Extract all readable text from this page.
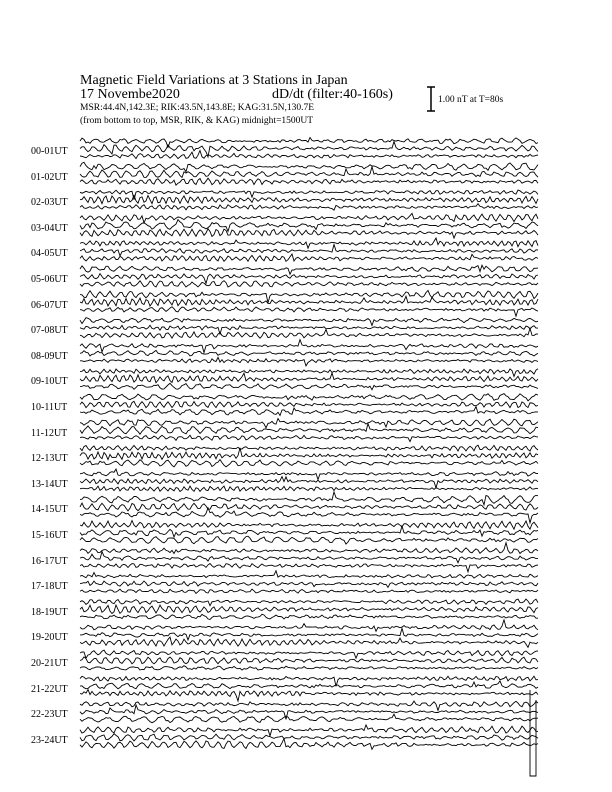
Magnetic Field Variations at 3 Stations in Japan
17 Novembe2020	dD/dt (filter:40-160s)
MSR:44.4N,142.3E; RIK:43.5N,143.8E; KAG:31.5N,130.7E
(from bottom to top, MSR, RIK, & KAG) midnight=1500UT
1.00 nT at T=80s
00-01UT
01-02UT
02-03UT
03-04UT
04-05UT
05-06UT
06-07UT
07-08UT
08-09UT
09-10UT
10-11UT
11-12UT
12-13UT
13-14UT
14-15UT
15-16UT
16-17UT
17-18UT
18-19UT
19-20UT
20-21UT
21-22UT
22-23UT
23-24UT
